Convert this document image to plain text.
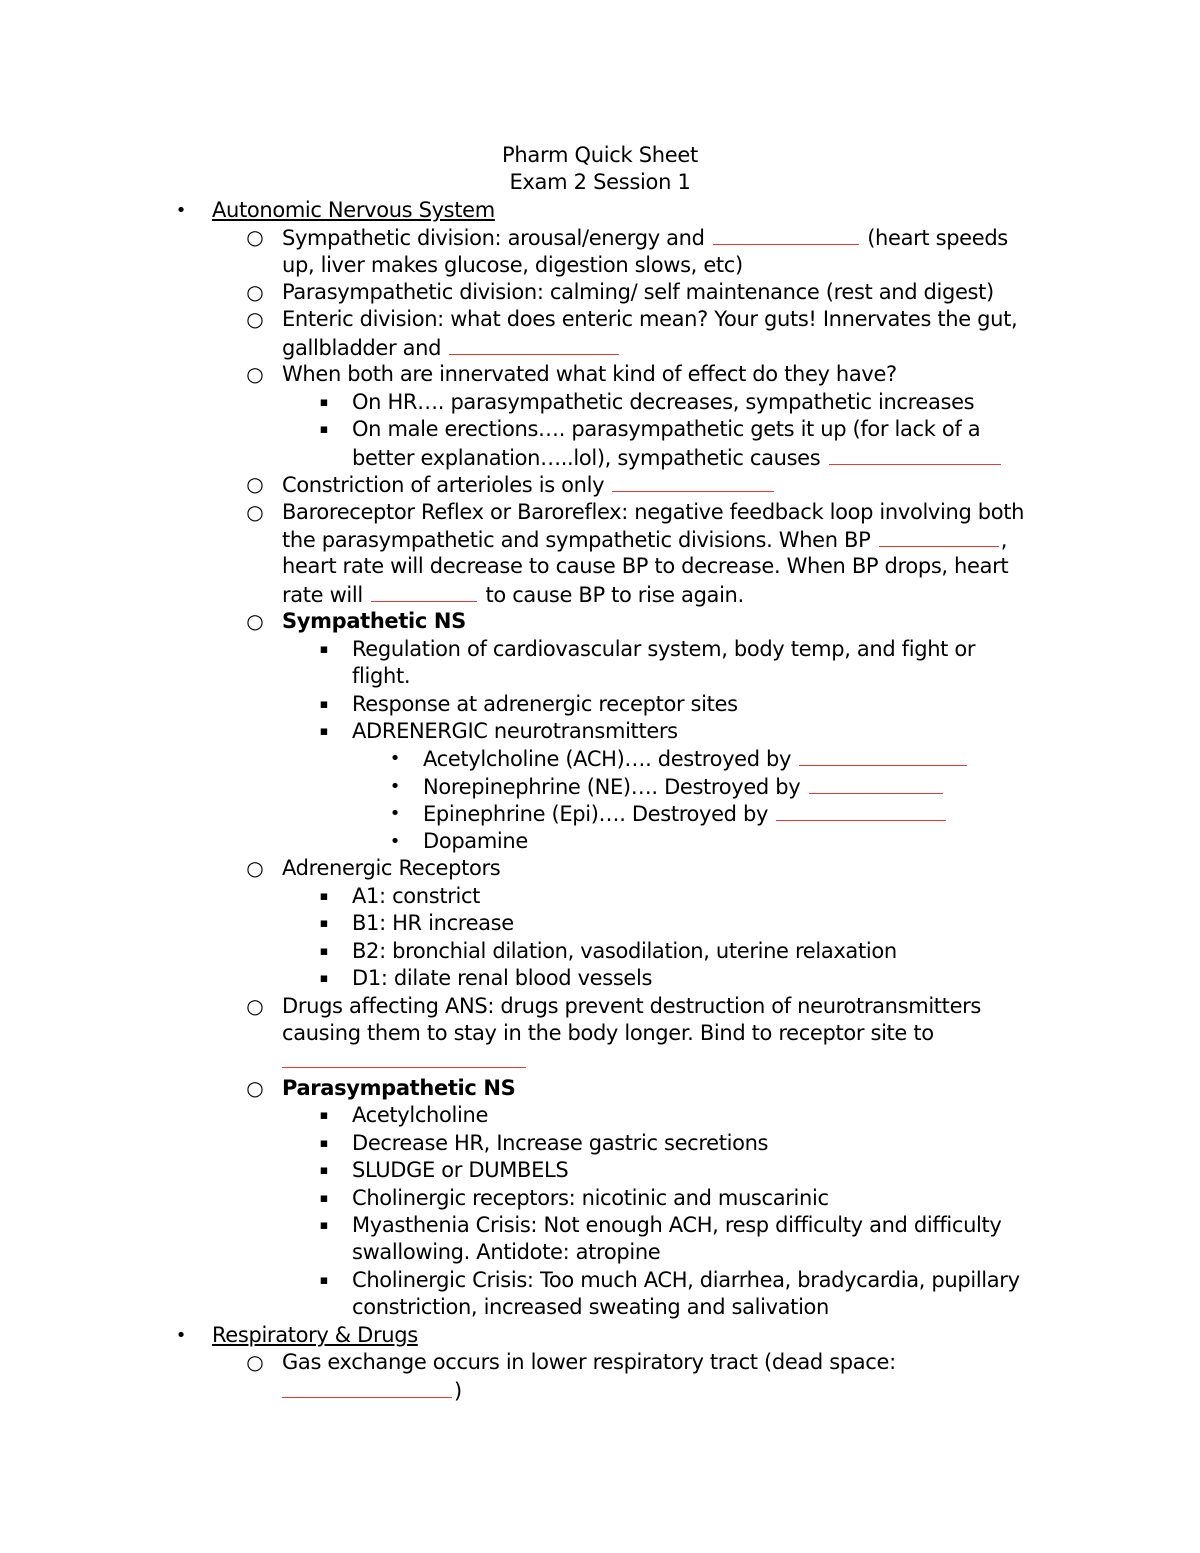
Pharm Quick Sheet
Exam 2 Session 1
• Autonomic Nervous System
○ Sympathetic division: arousal/energy and	(heart speeds
up, liver makes glucose, digestion slows, etc)
○ Parasympathetic division: calming/ self maintenance (rest and digest)
○ Enteric division: what does enteric mean? Your guts! Innervates the gut,
gallbladder and
○ When both are innervated what kind of effect do they have?
▪ On HR…. parasympathetic decreases, sympathetic increases
▪ On male erections…. parasympathetic gets it up (for lack of a
better explanation…..lol), sympathetic causes
○ Constriction of arterioles is only
○ Baroreceptor Reflex or Baroreflex: negative feedback loop involving both
the parasympathetic and sympathetic divisions. When BP	,
heart rate will decrease to cause BP to decrease. When BP drops, heart
rate will	to cause BP to rise again.
○ Sympathetic NS
▪ Regulation of cardiovascular system, body temp, and fight or
flight.
▪ Response at adrenergic receptor sites
▪ ADRENERGIC neurotransmitters
• Acetylcholine (ACH)…. destroyed by
• Norepinephrine (NE)…. Destroyed by
• Epinephrine (Epi)…. Destroyed by
• Dopamine
○ Adrenergic Receptors
▪ A1: constrict
▪ B1: HR increase
▪ B2: bronchial dilation, vasodilation, uterine relaxation
▪ D1: dilate renal blood vessels
○ Drugs affecting ANS: drugs prevent destruction of neurotransmitters
causing them to stay in the body longer. Bind to receptor site to
○ Parasympathetic NS
▪ Acetylcholine
▪ Decrease HR, Increase gastric secretions
▪ SLUDGE or DUMBELS
▪ Cholinergic receptors: nicotinic and muscarinic
▪ Myasthenia Crisis: Not enough ACH, resp difficulty and difficulty
swallowing. Antidote: atropine
▪ Cholinergic Crisis: Too much ACH, diarrhea, bradycardia, pupillary
constriction, increased sweating and salivation
• Respiratory & Drugs
○ Gas exchange occurs in lower respiratory tract (dead space:
)
